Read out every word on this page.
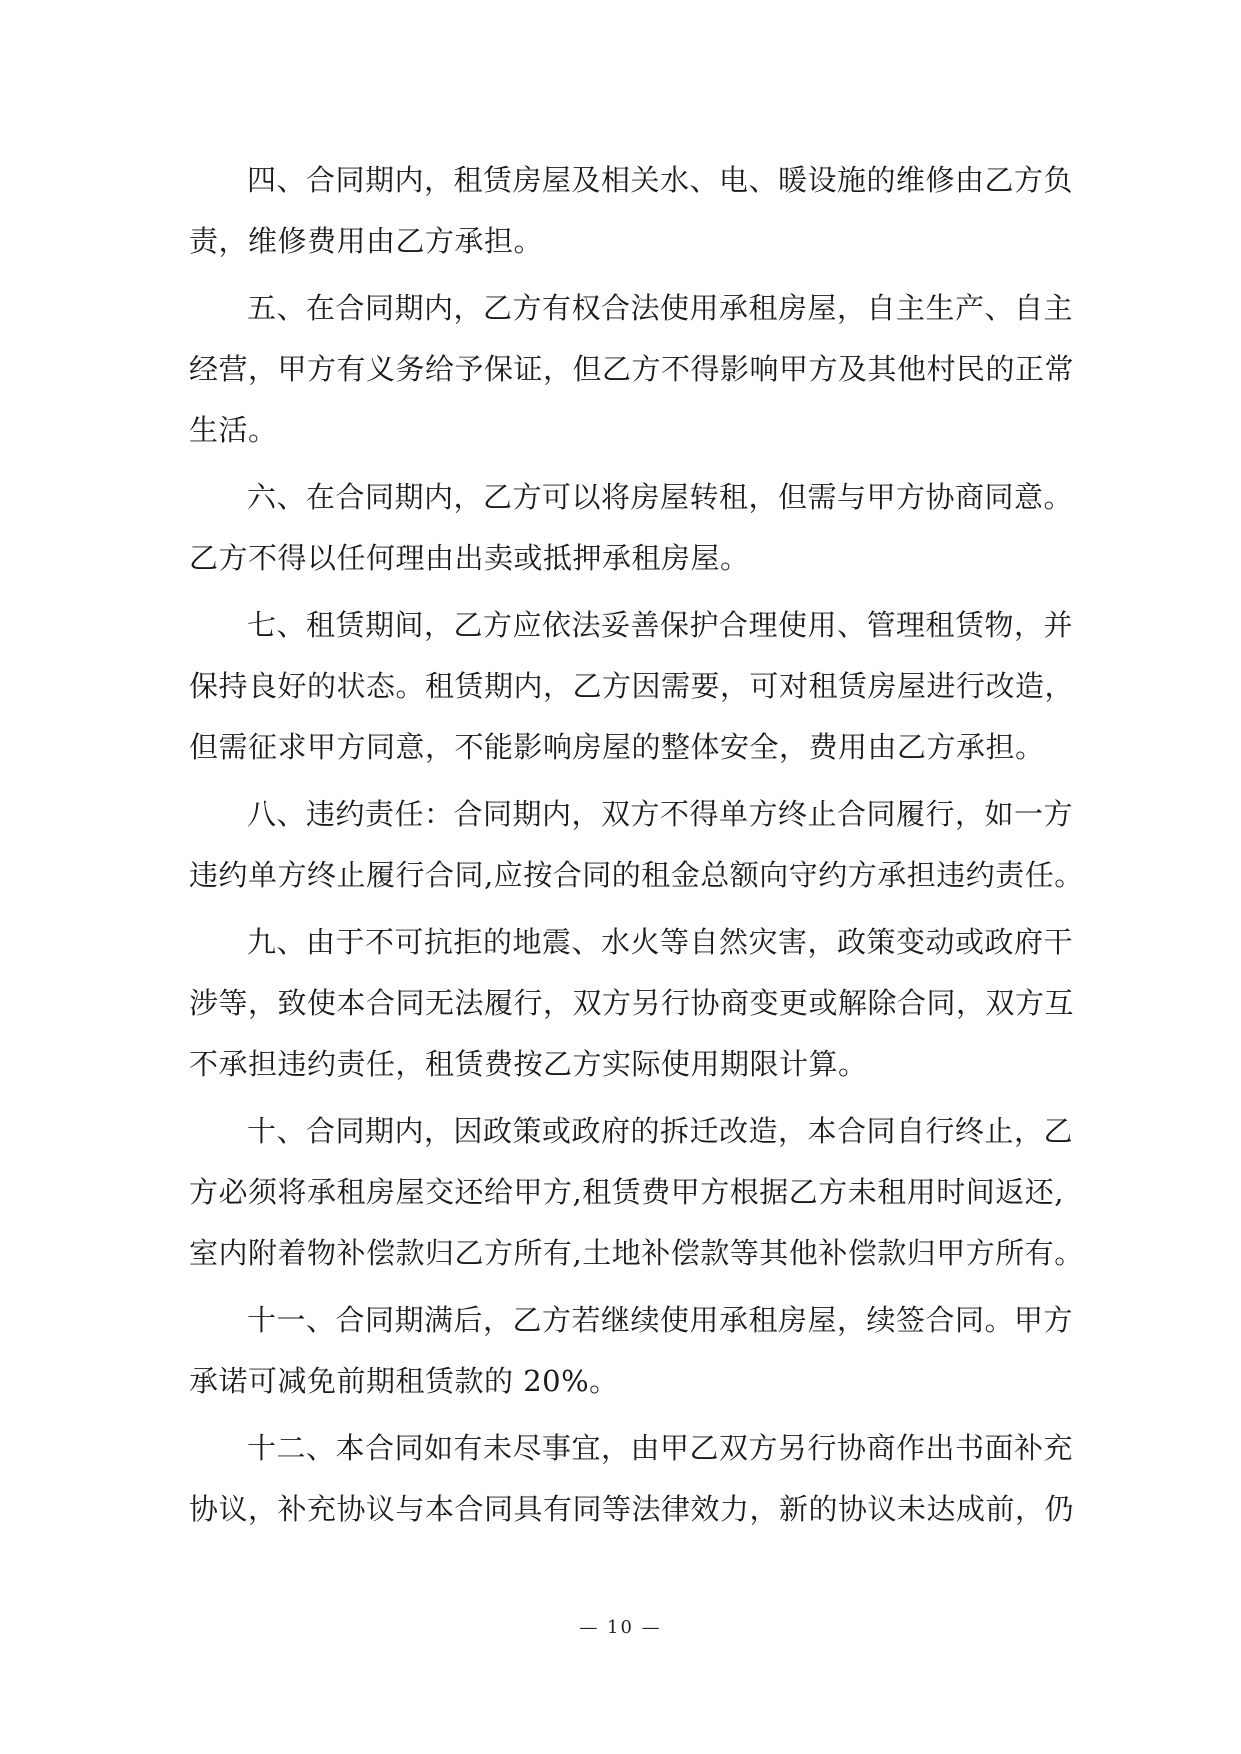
四、合同期内，租赁房屋及相关水、电、暖设施的维修由乙方负
责，维修费用由乙方承担。

五、在合同期内，乙方有权合法使用承租房屋，自主生产、自主
经营，甲方有义务给予保证，但乙方不得影响甲方及其他村民的正常
生活。

六、在合同期内，乙方可以将房屋转租，但需与甲方协商同意。
乙方不得以任何理由出卖或抵押承租房屋。

七、租赁期间，乙方应依法妥善保护合理使用、管理租赁物，并
保持良好的状态。租赁期内，乙方因需要，可对租赁房屋进行改造，
但需征求甲方同意，不能影响房屋的整体安全，费用由乙方承担。

八、违约责任：合同期内，双方不得单方终止合同履行，如一方
违约单方终止履行合同,应按合同的租金总额向守约方承担违约责任。

九、由于不可抗拒的地震、水火等自然灾害，政策变动或政府干
涉等，致使本合同无法履行，双方另行协商变更或解除合同，双方互
不承担违约责任，租赁费按乙方实际使用期限计算。

十、合同期内，因政策或政府的拆迁改造，本合同自行终止，乙
方必须将承租房屋交还给甲方,租赁费甲方根据乙方未租用时间返还,
室内附着物补偿款归乙方所有,土地补偿款等其他补偿款归甲方所有。

十一、合同期满后，乙方若继续使用承租房屋，续签合同。甲方
承诺可减免前期租赁款的 20%。

十二、本合同如有未尽事宜，由甲乙双方另行协商作出书面补充
协议，补充协议与本合同具有同等法律效力，新的协议未达成前，仍

— 10 —
